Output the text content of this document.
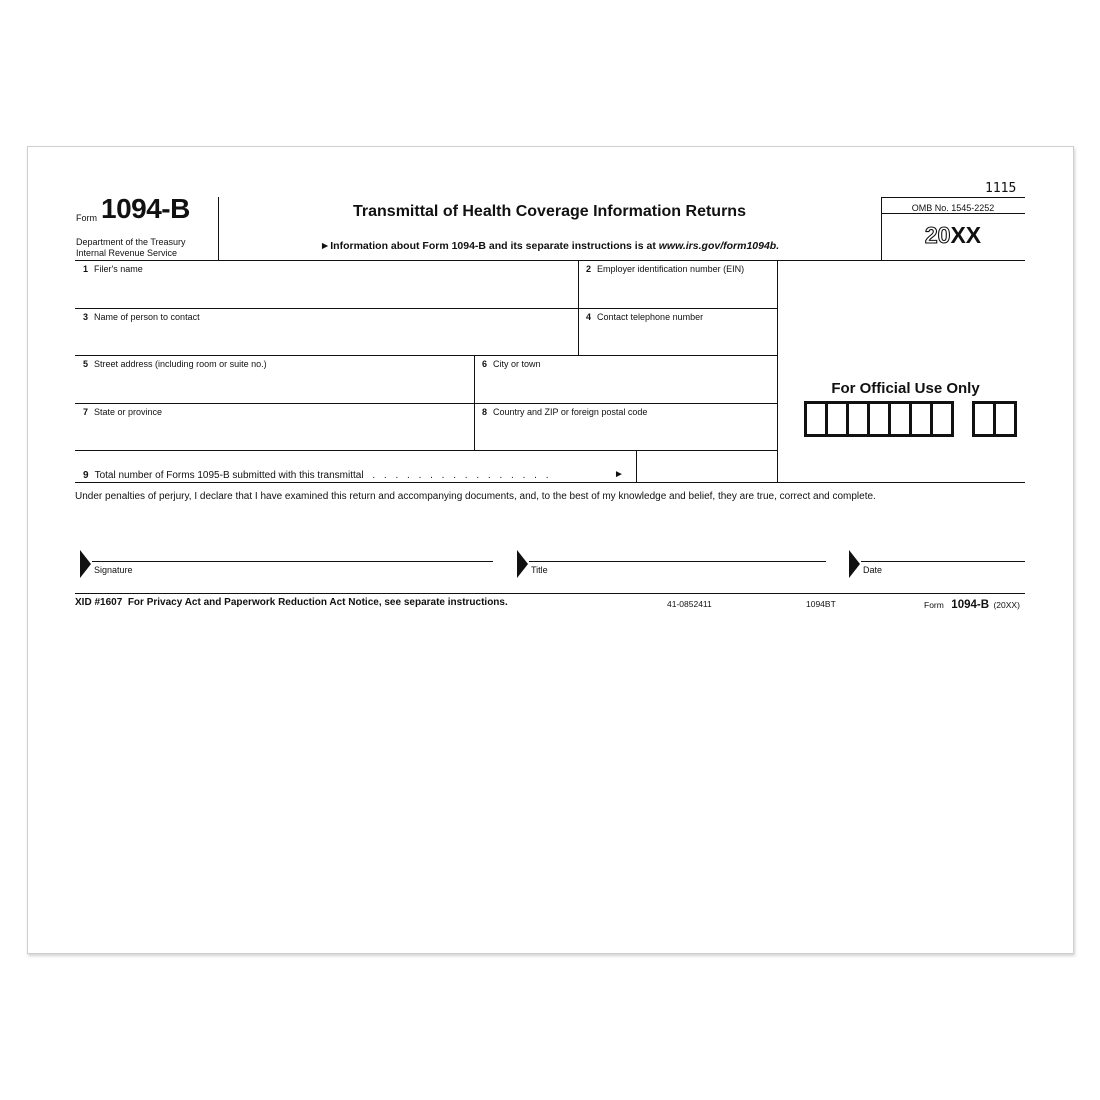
1115
Form 1094-B
Department of the Treasury
Internal Revenue Service
Transmittal of Health Coverage Information Returns
►Information about Form 1094-B and its separate instructions is at www.irs.gov/form1094b.
OMB No. 1545-2252
20XX
1 Filer's name	2 Employer identification number (EIN)
3 Name of person to contact	4 Contact telephone number
5 Street address (including room or suite no.)	6 City or town
7 State or province	8 Country and ZIP or foreign postal code
9 Total number of Forms 1095-B submitted with this transmittal . . . . . . . . . . . . . . . .	►
For Official Use Only
Under penalties of perjury, I declare that I have examined this return and accompanying documents, and, to the best of my knowledge and belief, they are true, correct and complete.
Signature	Title	Date
XID #1607 For Privacy Act and Paperwork Reduction Act Notice, see separate instructions.	41-0852411	1094BT	Form 1094-B (20XX)
